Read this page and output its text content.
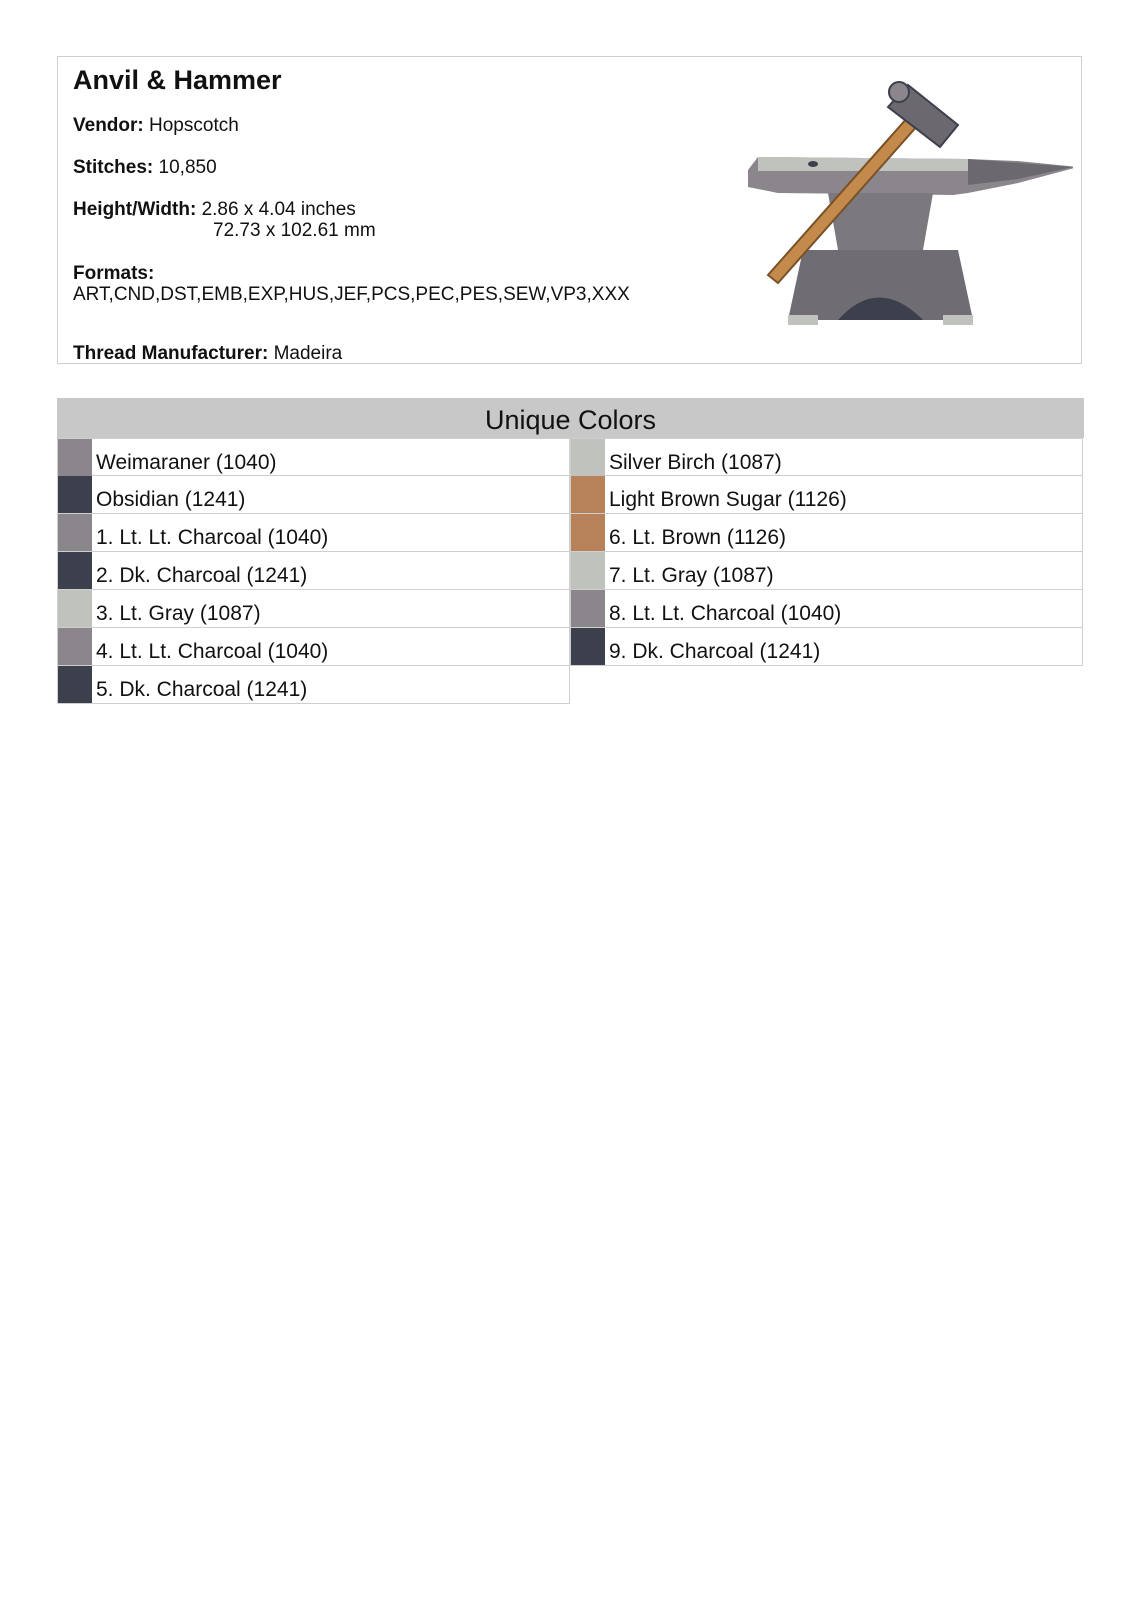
Anvil & Hammer
Vendor: Hopscotch
Stitches: 10,850
Height/Width: 2.86 x 4.04 inches
72.73 x 102.61 mm
Formats:
ART,CND,DST,EMB,EXP,HUS,JEF,PCS,PEC,PES,SEW,VP3,XXX
Thread Manufacturer: Madeira
Unique Colors
Weimaraner (1040)
Obsidian (1241)
1. Lt. Lt. Charcoal (1040)
2. Dk. Charcoal (1241)
3. Lt. Gray (1087)
4. Lt. Lt. Charcoal (1040)
5. Dk. Charcoal (1241)
Silver Birch (1087)
Light Brown Sugar (1126)
6. Lt. Brown (1126)
7. Lt. Gray (1087)
8. Lt. Lt. Charcoal (1040)
9. Dk. Charcoal (1241)
